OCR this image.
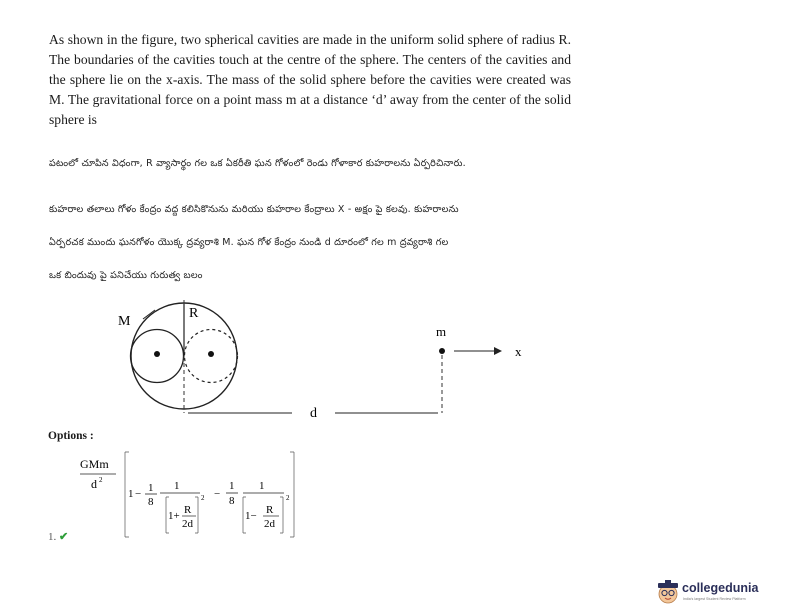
As shown in the figure, two spherical cavities are made in the uniform solid sphere of radius R. The boundaries of the cavities touch at the centre of the sphere. The centers of the cavities and the sphere lie on the x-axis. The mass of the solid sphere before the cavities were created was M. The gravitational force on a point mass m at a distance ‘d’ away from the center of the solid sphere is
పటంలో చూపిన విధంగా, R వ్యాసార్థం గల ఒక ఏకరీతి ఘన గోళంలో రెండు గోళాకార కుహరాలను ఏర్పరిచినారు.
కుహరాల తలాలు గోళం కేంద్రం వద్ద కలిసికొనును మరియు కుహరాల కేంద్రాలు X - అక్షం పై కలవు. కుహరాలను
ఏర్పరచక ముందు ఘనగోళం యొక్క ద్రవ్యరాశి M. ఘన గోళ కేంద్రం నుండి d దూరంలో గల m ద్రవ్యరాశి గల
ఒక బిందువు పై పనిచేయు గురుత్వ బలం
M
R
m
x
d
Options :
GMm
d 2
1 − 1
8
1
1+ R
2d
2 −
1
8
1
1− R
2d
2
1. ✔
collegedunia
India's largest Student Review Platform
